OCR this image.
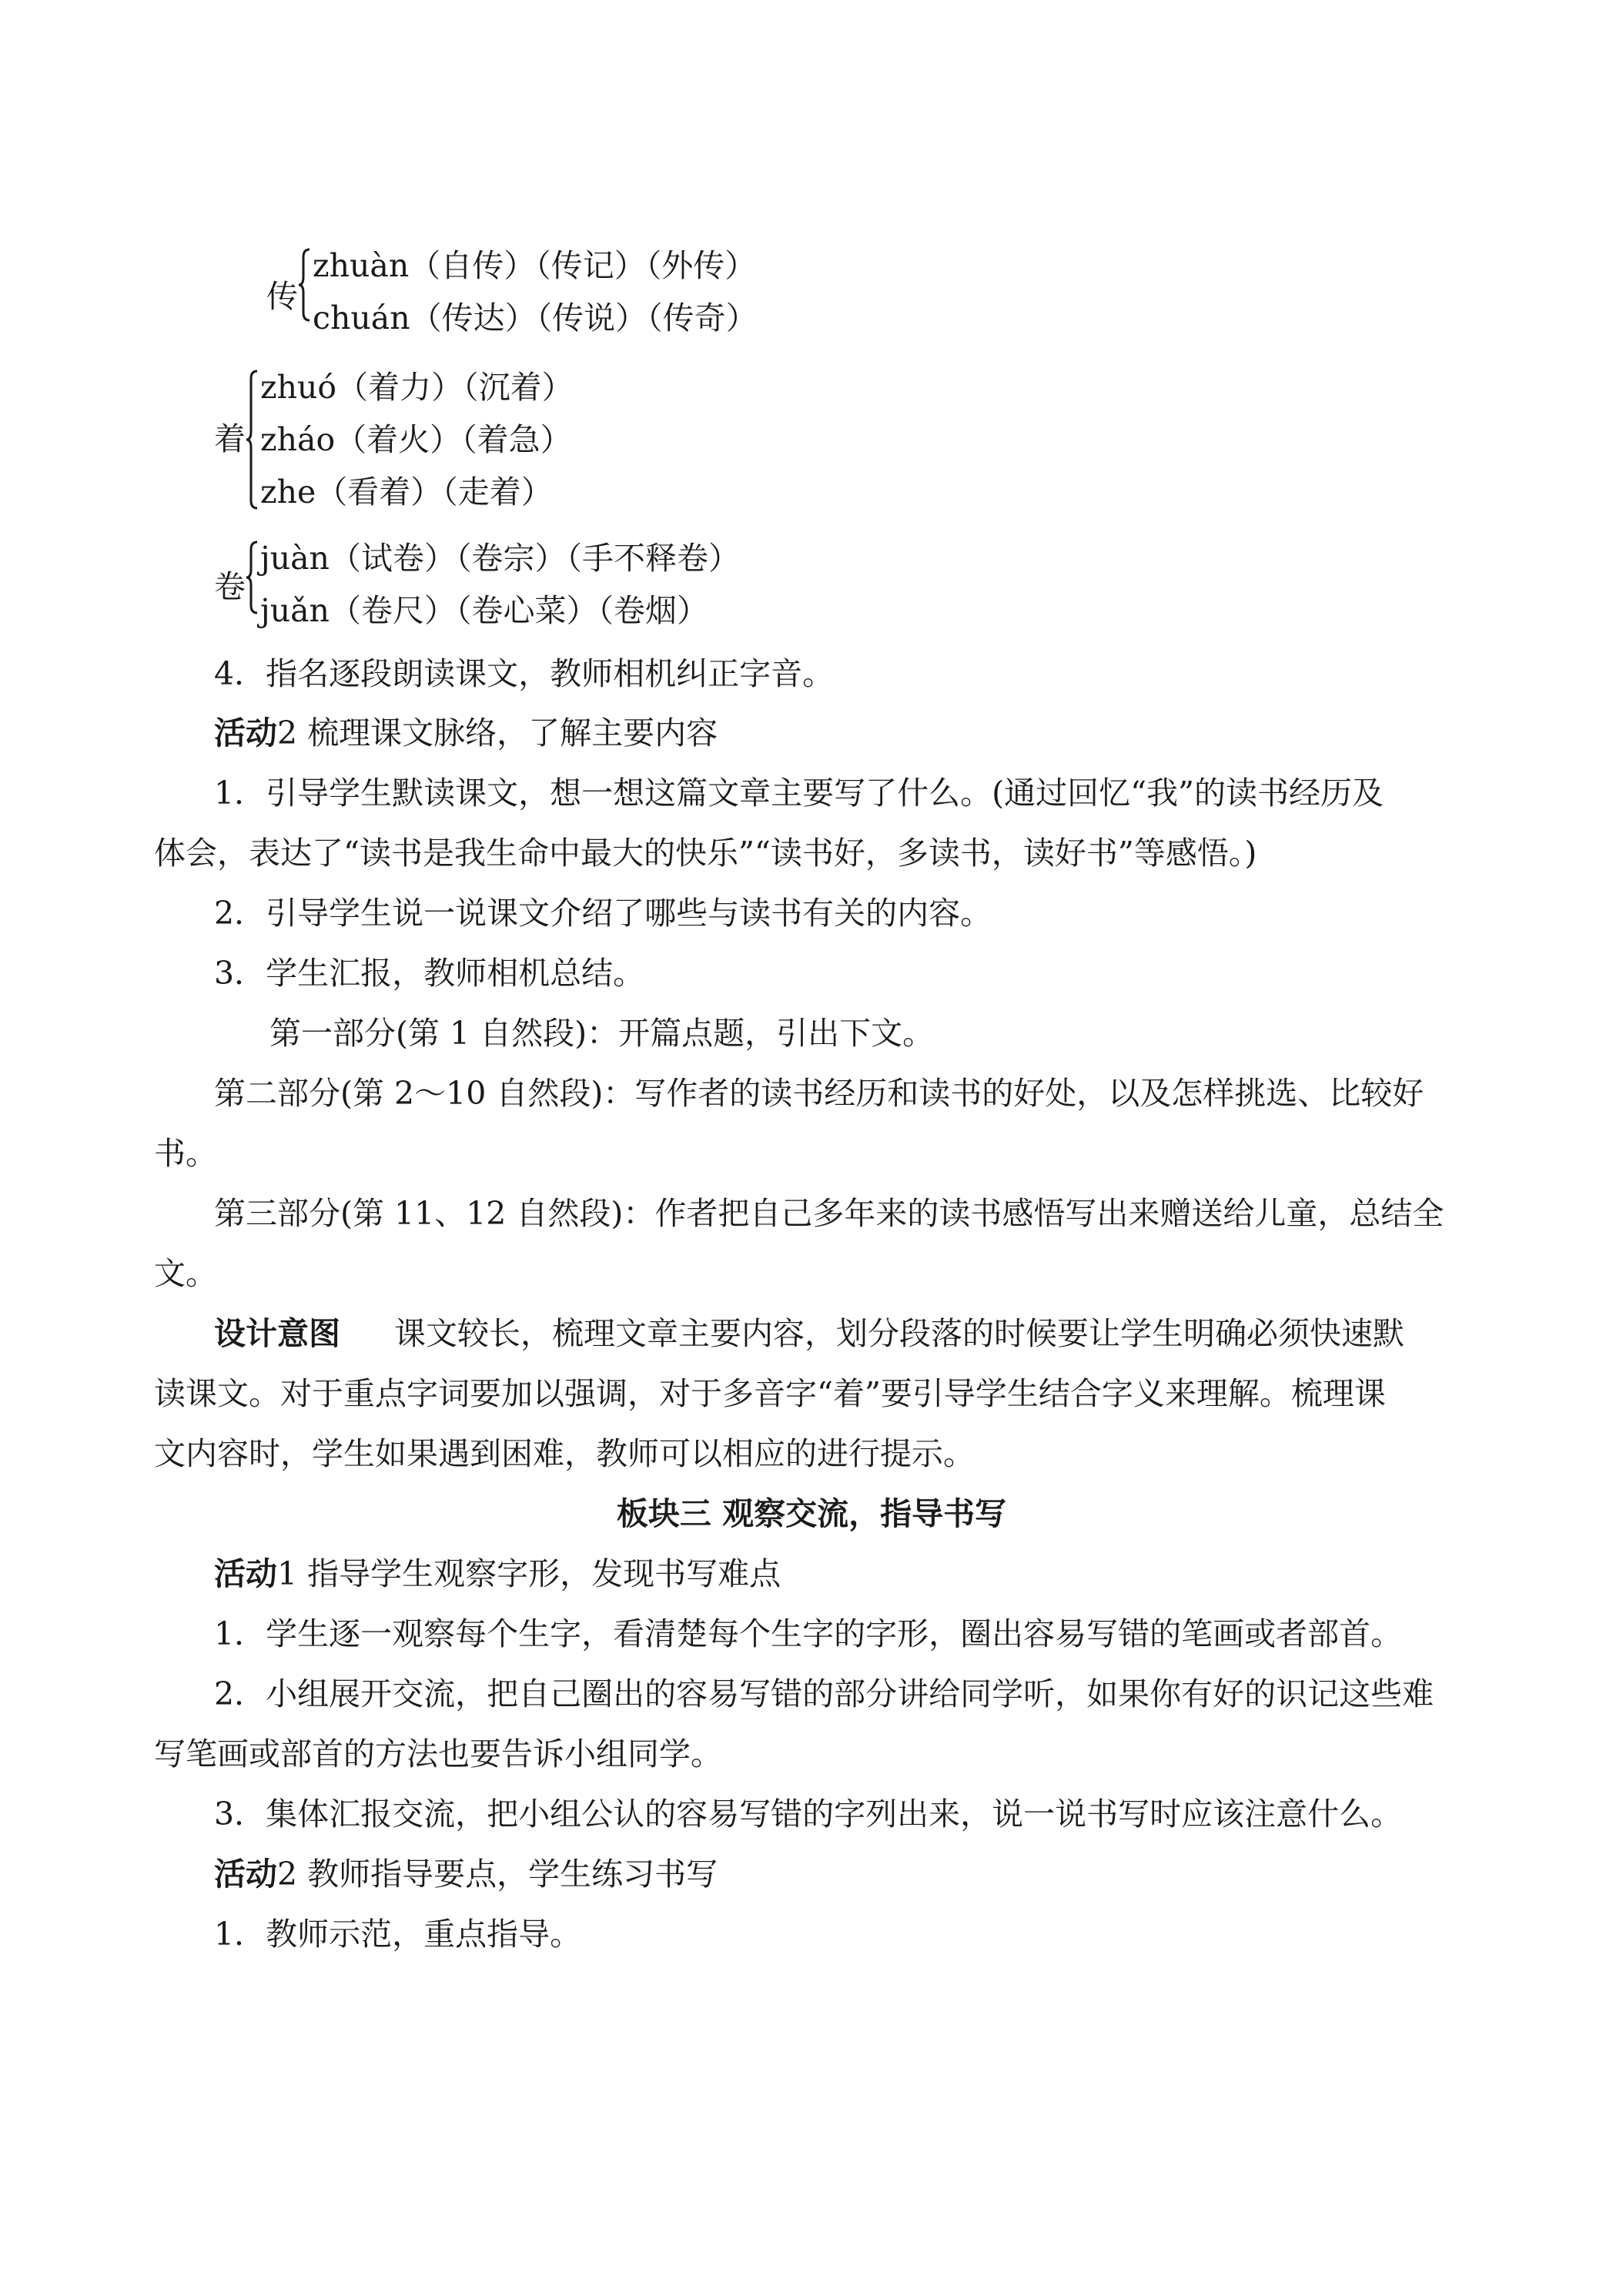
传
zhuàn（自传）（传记）（外传）
chuán（传达）（传说）（传奇）
着
zhuó（着力）（沉着）
zháo（着火）（着急）
zhe（看着）（走着）
卷
juàn（试卷）（卷宗）（手不释卷）
juǎn（卷尺）（卷心菜）（卷烟）
4．指名逐段朗读课文，教师相机纠正字音。
活动2 梳理课文脉络，了解主要内容
1．引导学生默读课文，想一想这篇文章主要写了什么。(通过回忆“我”的读书经历及
体会，表达了“读书是我生命中最大的快乐”“读书好，多读书，读好书”等感悟。)
2．引导学生说一说课文介绍了哪些与读书有关的内容。
3．学生汇报，教师相机总结。
第一部分(第 1 自然段)：开篇点题，引出下文。
第二部分(第 2～10 自然段)：写作者的读书经历和读书的好处，以及怎样挑选、比较好
书。
第三部分(第 11、12 自然段)：作者把自己多年来的读书感悟写出来赠送给儿童，总结全
文。
设计意图 课文较长，梳理文章主要内容，划分段落的时候要让学生明确必须快速默
读课文。对于重点字词要加以强调，对于多音字“着”要引导学生结合字义来理解。梳理课
文内容时，学生如果遇到困难，教师可以相应的进行提示。
板块三 观察交流，指导书写
活动1 指导学生观察字形，发现书写难点
1．学生逐一观察每个生字，看清楚每个生字的字形，圈出容易写错的笔画或者部首。
2．小组展开交流，把自己圈出的容易写错的部分讲给同学听，如果你有好的识记这些难
写笔画或部首的方法也要告诉小组同学。
3．集体汇报交流，把小组公认的容易写错的字列出来，说一说书写时应该注意什么。
活动2 教师指导要点，学生练习书写
1．教师示范，重点指导。
